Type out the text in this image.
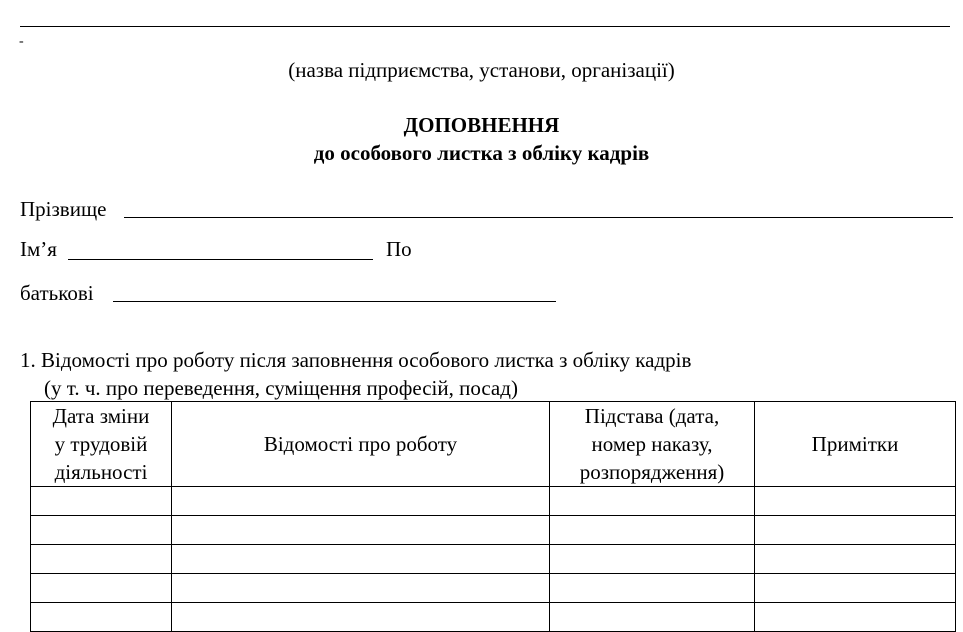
-
(назва підприємства, установи, організації)
ДОПОВНЕННЯ
до особового листка з обліку кадрів
Прізвище
Ім’я	По
батькові
1. Відомості про роботу після заповнення особового листка з обліку кадрів
(у т. ч. про переведення, суміщення професій, посад)
Дата зміни
у трудовій
діяльності	Відомості про роботу	Підстава (дата,
номер наказу,
розпорядження)	Примітки
